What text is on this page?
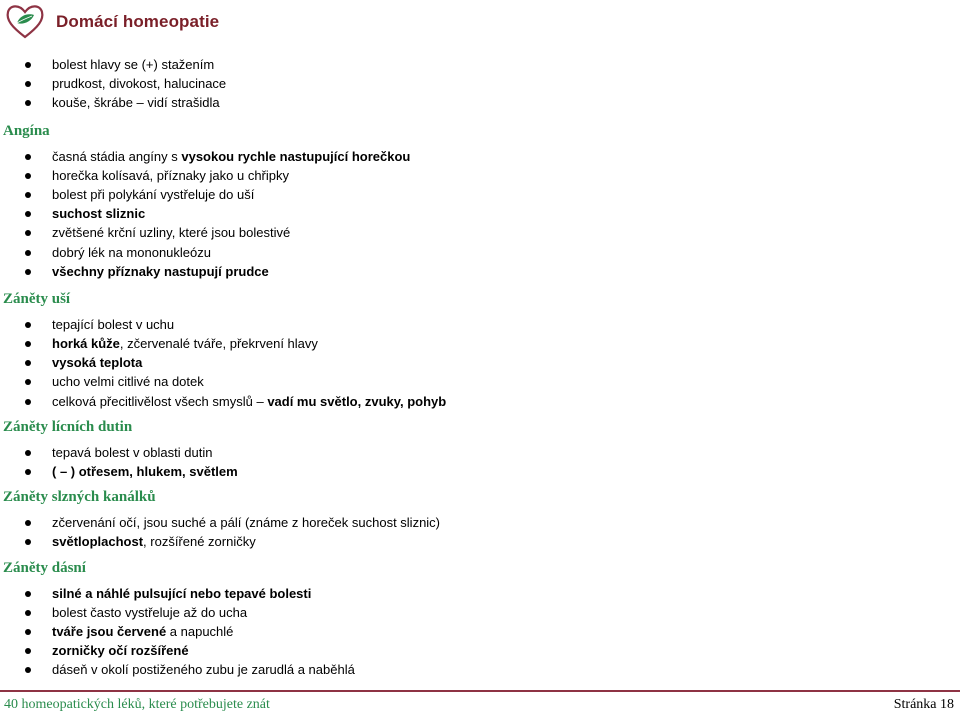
Domácí homeopatie
bolest hlavy se (+) stažením
prudkost, divokost, halucinace
kouše, škrábe – vidí strašidla
Angína
časná stádia angíny s vysokou rychle nastupující horečkou
horečka kolísavá, příznaky jako u chřipky
bolest při polykání vystřeluje do uší
suchost sliznic
zvětšené krční uzliny, které jsou bolestivé
dobrý lék na mononukleózu
všechny příznaky nastupují prudce
Záněty uší
tepající bolest v uchu
horká kůže, zčervenalé tváře, překrvení hlavy
vysoká teplota
ucho velmi citlivé na dotek
celková přecitlivělost všech smyslů – vadí mu světlo, zvuky, pohyb
Záněty lícních dutin
tepavá bolest v oblasti dutin
( – ) otřesem, hlukem, světlem
Záněty slzných kanálků
zčervenání očí, jsou suché a pálí (známe z horeček suchost sliznic)
světloplachost, rozšířené zorničky
Záněty dásní
silné a náhlé pulsující nebo tepavé bolesti
bolest často vystřeluje až do ucha
tváře jsou červené a napuchlé
zorničky očí rozšířené
dáseň v okolí postiženého zubu je zarudlá a naběhlá
40 homeopatických léků, které potřebujete znát	Stránka 18
